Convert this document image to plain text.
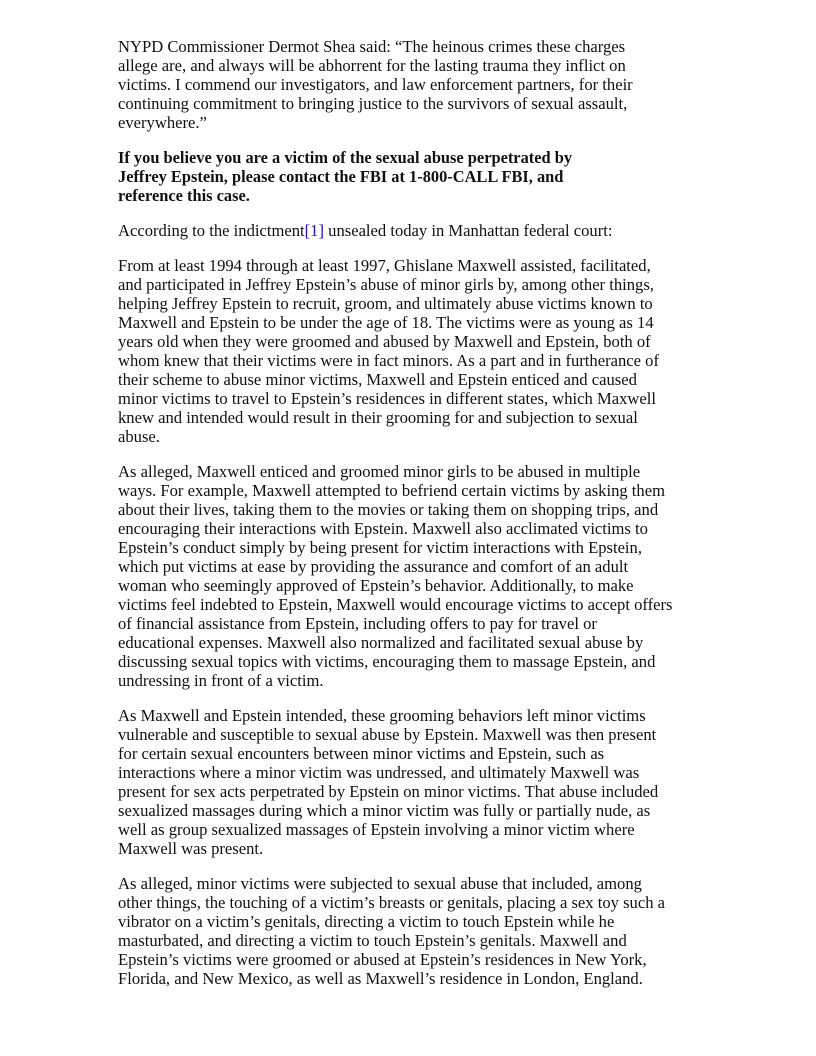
NYPD Commissioner Dermot Shea said: “The heinous crimes these charges
allege are, and always will be abhorrent for the lasting trauma they inflict on
victims. I commend our investigators, and law enforcement partners, for their
continuing commitment to bringing justice to the survivors of sexual assault,
everywhere.”

If you believe you are a victim of the sexual abuse perpetrated by
Jeffrey Epstein, please contact the FBI at 1-800-CALL FBI, and
reference this case.

According to the indictment[1] unsealed today in Manhattan federal court:

From at least 1994 through at least 1997, Ghislane Maxwell assisted, facilitated,
and participated in Jeffrey Epstein’s abuse of minor girls by, among other things,
helping Jeffrey Epstein to recruit, groom, and ultimately abuse victims known to
Maxwell and Epstein to be under the age of 18. The victims were as young as 14
years old when they were groomed and abused by Maxwell and Epstein, both of
whom knew that their victims were in fact minors. As a part and in furtherance of
their scheme to abuse minor victims, Maxwell and Epstein enticed and caused
minor victims to travel to Epstein’s residences in different states, which Maxwell
knew and intended would result in their grooming for and subjection to sexual
abuse.

As alleged, Maxwell enticed and groomed minor girls to be abused in multiple
ways. For example, Maxwell attempted to befriend certain victims by asking them
about their lives, taking them to the movies or taking them on shopping trips, and
encouraging their interactions with Epstein. Maxwell also acclimated victims to
Epstein’s conduct simply by being present for victim interactions with Epstein,
which put victims at ease by providing the assurance and comfort of an adult
woman who seemingly approved of Epstein’s behavior. Additionally, to make
victims feel indebted to Epstein, Maxwell would encourage victims to accept offers
of financial assistance from Epstein, including offers to pay for travel or
educational expenses. Maxwell also normalized and facilitated sexual abuse by
discussing sexual topics with victims, encouraging them to massage Epstein, and
undressing in front of a victim.

As Maxwell and Epstein intended, these grooming behaviors left minor victims
vulnerable and susceptible to sexual abuse by Epstein. Maxwell was then present
for certain sexual encounters between minor victims and Epstein, such as
interactions where a minor victim was undressed, and ultimately Maxwell was
present for sex acts perpetrated by Epstein on minor victims. That abuse included
sexualized massages during which a minor victim was fully or partially nude, as
well as group sexualized massages of Epstein involving a minor victim where
Maxwell was present.

As alleged, minor victims were subjected to sexual abuse that included, among
other things, the touching of a victim’s breasts or genitals, placing a sex toy such a
vibrator on a victim’s genitals, directing a victim to touch Epstein while he
masturbated, and directing a victim to touch Epstein’s genitals. Maxwell and
Epstein’s victims were groomed or abused at Epstein’s residences in New York,
Florida, and New Mexico, as well as Maxwell’s residence in London, England.
